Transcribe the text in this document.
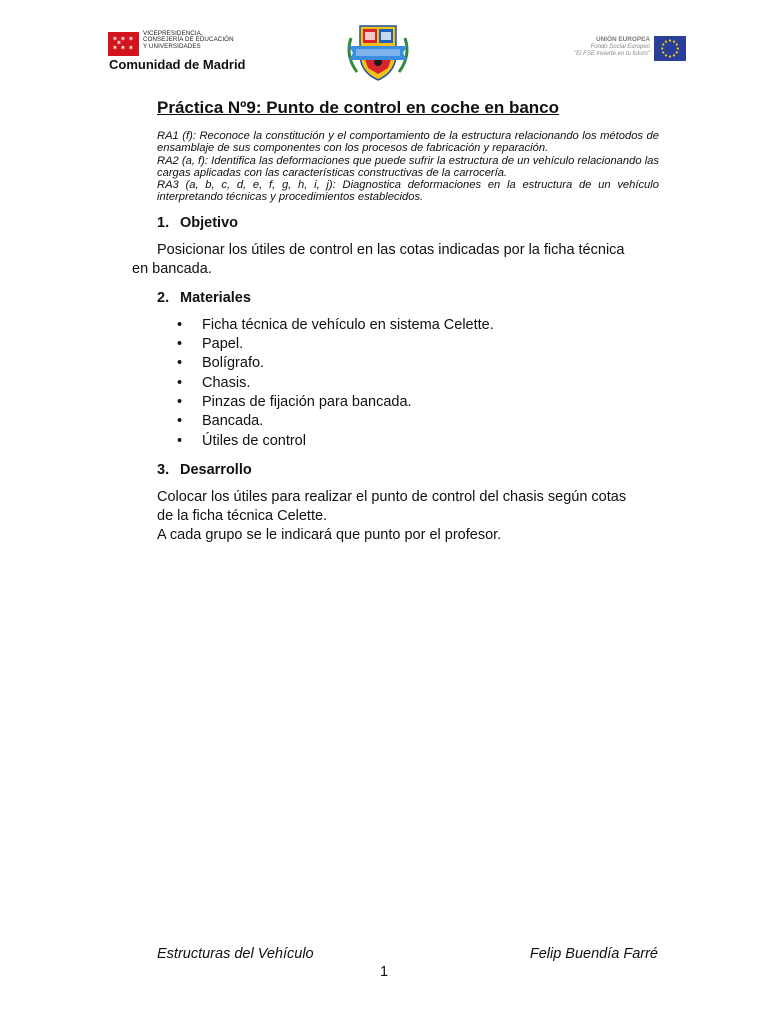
✶ ✶ ✶
✶ ✶ ✶
✶
VICEPRESIDENCIA,
CONSEJERÍA DE EDUCACIÓN
Y UNIVERSIDADES
Comunidad de Madrid
UNIÓN EUROPEA
Fondo Social Europeo
"El FSE invierte en tu futuro"
Práctica Nº9: Punto de control en coche en banco

RA1 (f): Reconoce la constitución y el comportamiento de la estructura relacionando los métodos de ensamblaje de sus componentes con los procesos de fabricación y reparación.

RA2 (a, f): Identifica las deformaciones que puede sufrir la estructura de un vehículo relacionando las cargas aplicadas con las características constructivas de la carrocería.

RA3 (a, b, c, d, e, f, g, h, i, j): Diagnostica deformaciones en la estructura de un vehículo interpretando técnicas y procedimientos establecidos.

1. Objetivo

Posicionar los útiles de control en las cotas indicadas por la ficha técnica
en bancada.

2. Materiales
• Ficha técnica de vehículo en sistema Celette.
• Papel.
• Bolígrafo.
• Chasis.
• Pinzas de fijación para bancada.
• Bancada.
• Útiles de control
3. Desarrollo
Colocar los útiles para realizar el punto de control del chasis según cotas
de la ficha técnica Celette.
A cada grupo se le indicará que punto por el profesor.
Estructuras del Vehículo	Felip Buendía Farré
1
